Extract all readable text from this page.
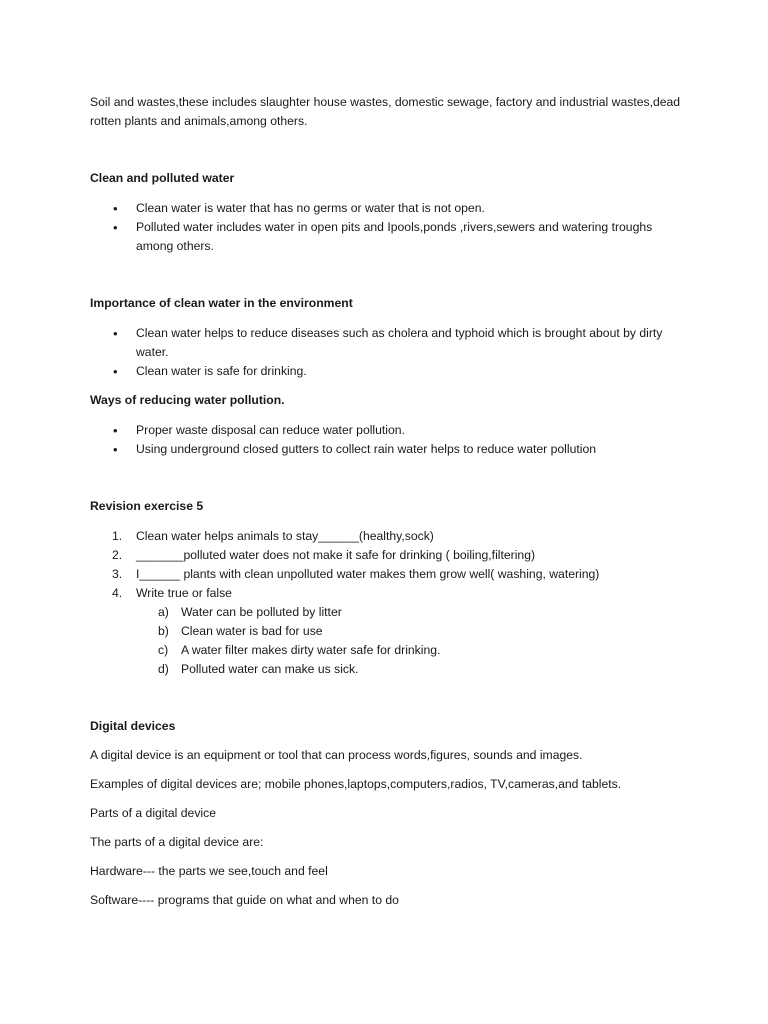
Soil and wastes,these includes slaughter house wastes, domestic sewage, factory and industrial wastes,dead rotten plants and animals,among others.

Clean and polluted water

• Clean water is water that has no germs or water that is not open.
• Polluted water includes water in open pits and Ipools,ponds ,rivers,sewers and watering troughs among others.

Importance of clean water in the environment

• Clean water helps to reduce diseases such as cholera and typhoid which is brought about by dirty water.
• Clean water is safe for drinking.

Ways of reducing water pollution.

• Proper waste disposal can reduce water pollution.
• Using underground closed gutters to collect rain water helps to reduce water pollution

Revision exercise 5

1. Clean water helps animals to stay______(healthy,sock)
2. _______polluted water does not make it safe for drinking ( boiling,filtering)
3. I______ plants with clean unpolluted water makes them grow well( washing, watering)
4. Write true or false
a) Water can be polluted by litter
b) Clean water is bad for use
c) A water filter makes dirty water safe for drinking.
d) Polluted water can make us sick.

Digital devices

A digital device is an equipment or tool that can process words,figures, sounds and images.

Examples of digital devices are; mobile phones,laptops,computers,radios, TV,cameras,and tablets.

Parts of a digital device

The parts of a digital device are:

Hardware--- the parts we see,touch and feel

Software---- programs that guide on what and when to do
